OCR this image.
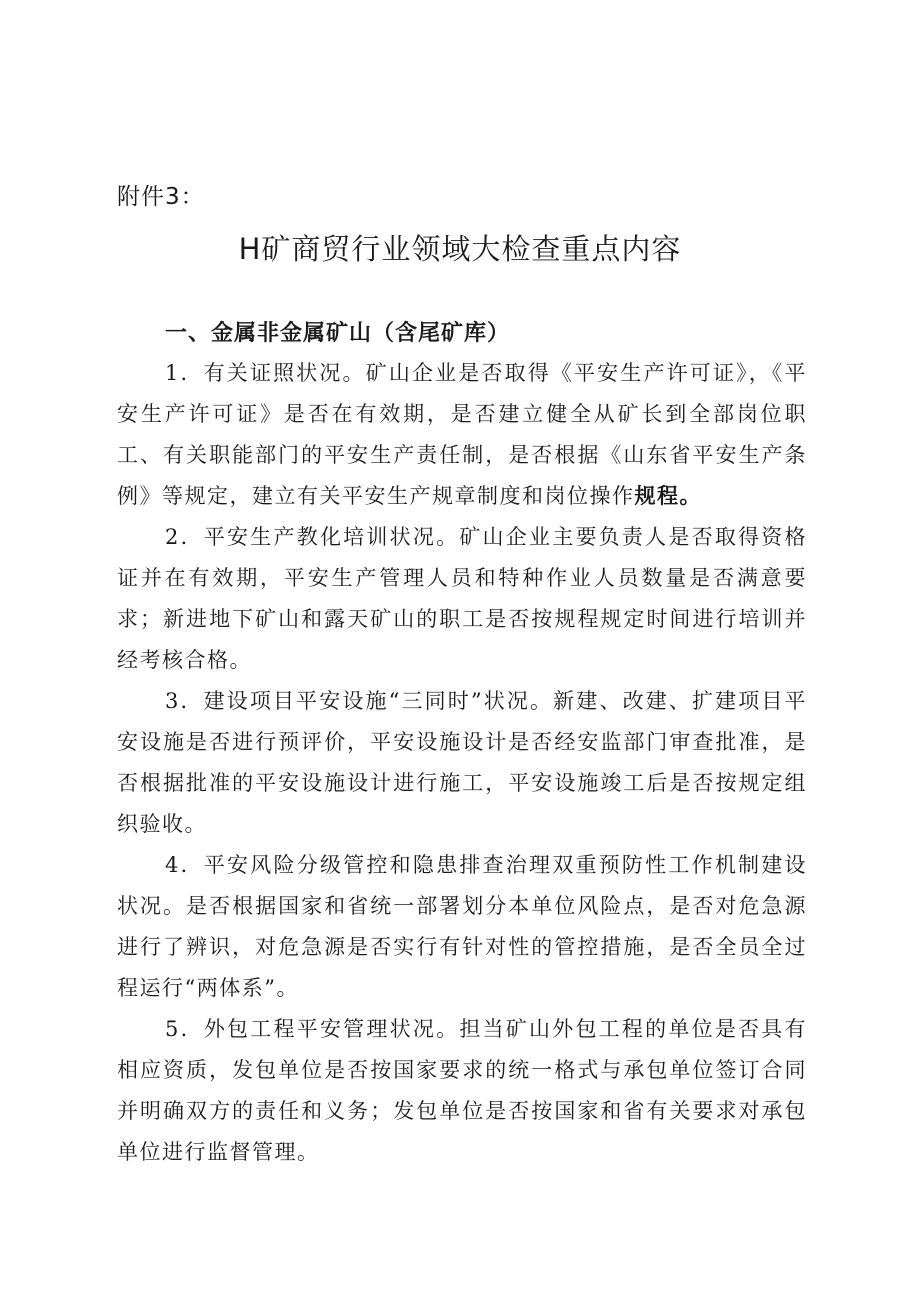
附件3：
H矿商贸行业领域大检查重点内容
一、金属非金属矿山（含尾矿库）

1．有关证照状况。矿山企业是否取得《平安生产许可证》，《平安生产许可证》是否在有效期，是否建立健全从矿长到全部岗位职工、有关职能部门的平安生产责任制，是否根据《山东省平安生产条例》等规定，建立有关平安生产规章制度和岗位操作规程。

2．平安生产教化培训状况。矿山企业主要负责人是否取得资格证并在有效期，平安生产管理人员和特种作业人员数量是否满意要求；新进地下矿山和露天矿山的职工是否按规程规定时间进行培训并经考核合格。

3．建设项目平安设施“三同时”状况。新建、改建、扩建项目平安设施是否进行预评价，平安设施设计是否经安监部门审查批准，是否根据批准的平安设施设计进行施工，平安设施竣工后是否按规定组织验收。

4．平安风险分级管控和隐患排查治理双重预防性工作机制建设状况。是否根据国家和省统一部署划分本单位风险点，是否对危急源进行了辨识，对危急源是否实行有针对性的管控措施，是否全员全过程运行“两体系”。

5．外包工程平安管理状况。担当矿山外包工程的单位是否具有相应资质，发包单位是否按国家要求的统一格式与承包单位签订合同并明确双方的责任和义务；发包单位是否按国家和省有关要求对承包单位进行监督管理。
